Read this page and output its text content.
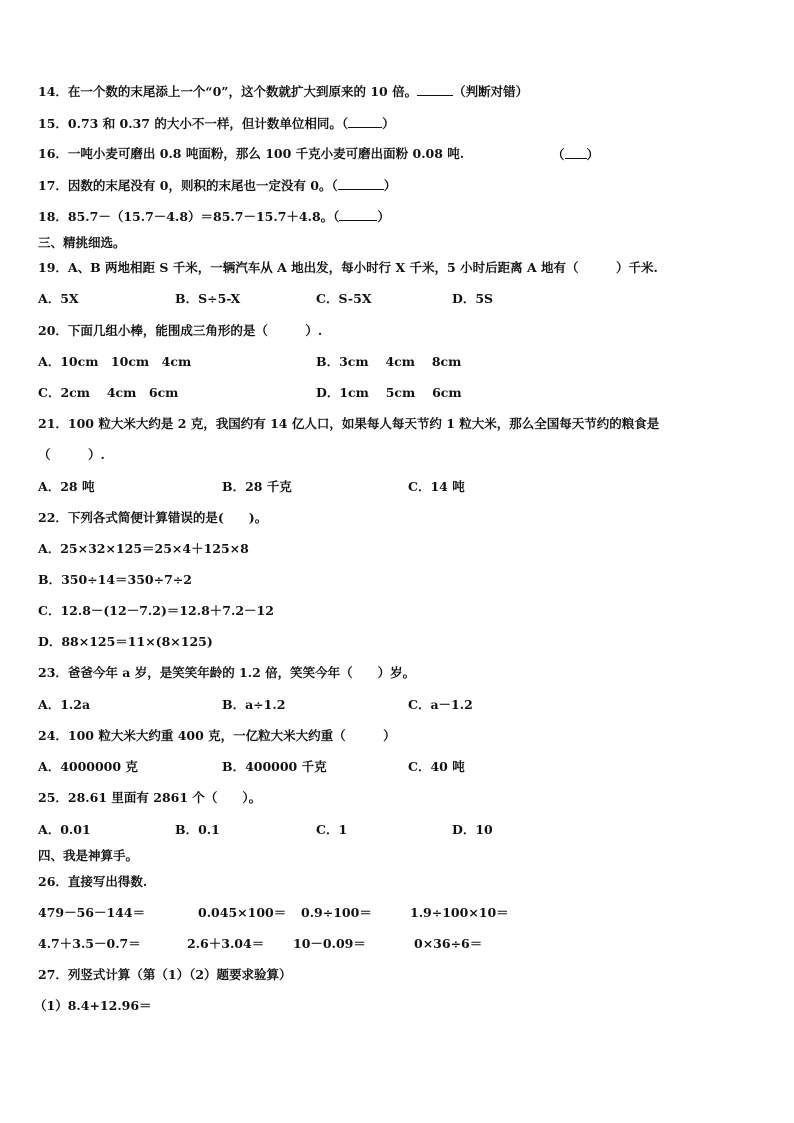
14．在一个数的末尾添上一个“0”，这个数就扩大到原来的 10 倍。	（判断对错）
15．0.73 和 0.37 的大小不一样，但计数单位相同。（	）
16．一吨小麦可磨出 0.8 吨面粉，那么 100 千克小麦可磨出面粉 0.08 吨.	（ ）
17．因数的末尾没有 0，则积的末尾也一定没有 0。（	）
18．85.7－（15.7－4.8）＝85.7－15.7＋4.8。（	）
三、精挑细选。
19．A、B 两地相距 S 千米，一辆汽车从 A 地出发，每小时行 X 千米，5 小时后距离 A 地有（　　　）千米.
A．5X	B．S÷5-X	C．S-5X	D．5S
20．下面几组小棒，能围成三角形的是（　　　）.
A．10cm　10cm　4cm	B．3cm　 4cm　 8cm
C．2cm　 4cm　6cm	D．1cm　 5cm　 6cm
21．100 粒大米大约是 2 克，我国约有 14 亿人口，如果每人每天节约 1 粒大米，那么全国每天节约的粮食是
（　　　）.
A．28 吨	B．28 千克	C．14 吨
22．下列各式简便计算错误的是(　　)。
A．25×32×125＝25×4＋125×8
B．350÷14＝350÷7÷2
C．12.8－(12－7.2)＝12.8＋7.2－12
D．88×125＝11×(8×125)
23．爸爸今年 a 岁，是笑笑年龄的 1.2 倍，笑笑今年（　　）岁。
A．1.2a	B．a÷1.2	C．a－1.2
24．100 粒大米大约重 400 克，一亿粒大米大约重（　　　）
A．4000000 克	B．400000 千克	C．40 吨
25．28.61 里面有 2861 个（　　）。
A．0.01	B．0.1	C．1	D．10
四、我是神算手。
26．直接写出得数.
479－56－144＝	0.045×100＝ 0.9÷100＝	1.9÷100×10＝
4.7＋3.5－0.7＝	2.6＋3.04＝ 10－0.09＝	0×36÷6＝
27．列竖式计算（第（1）（2）题要求验算）
（1）8.4+12.96＝
